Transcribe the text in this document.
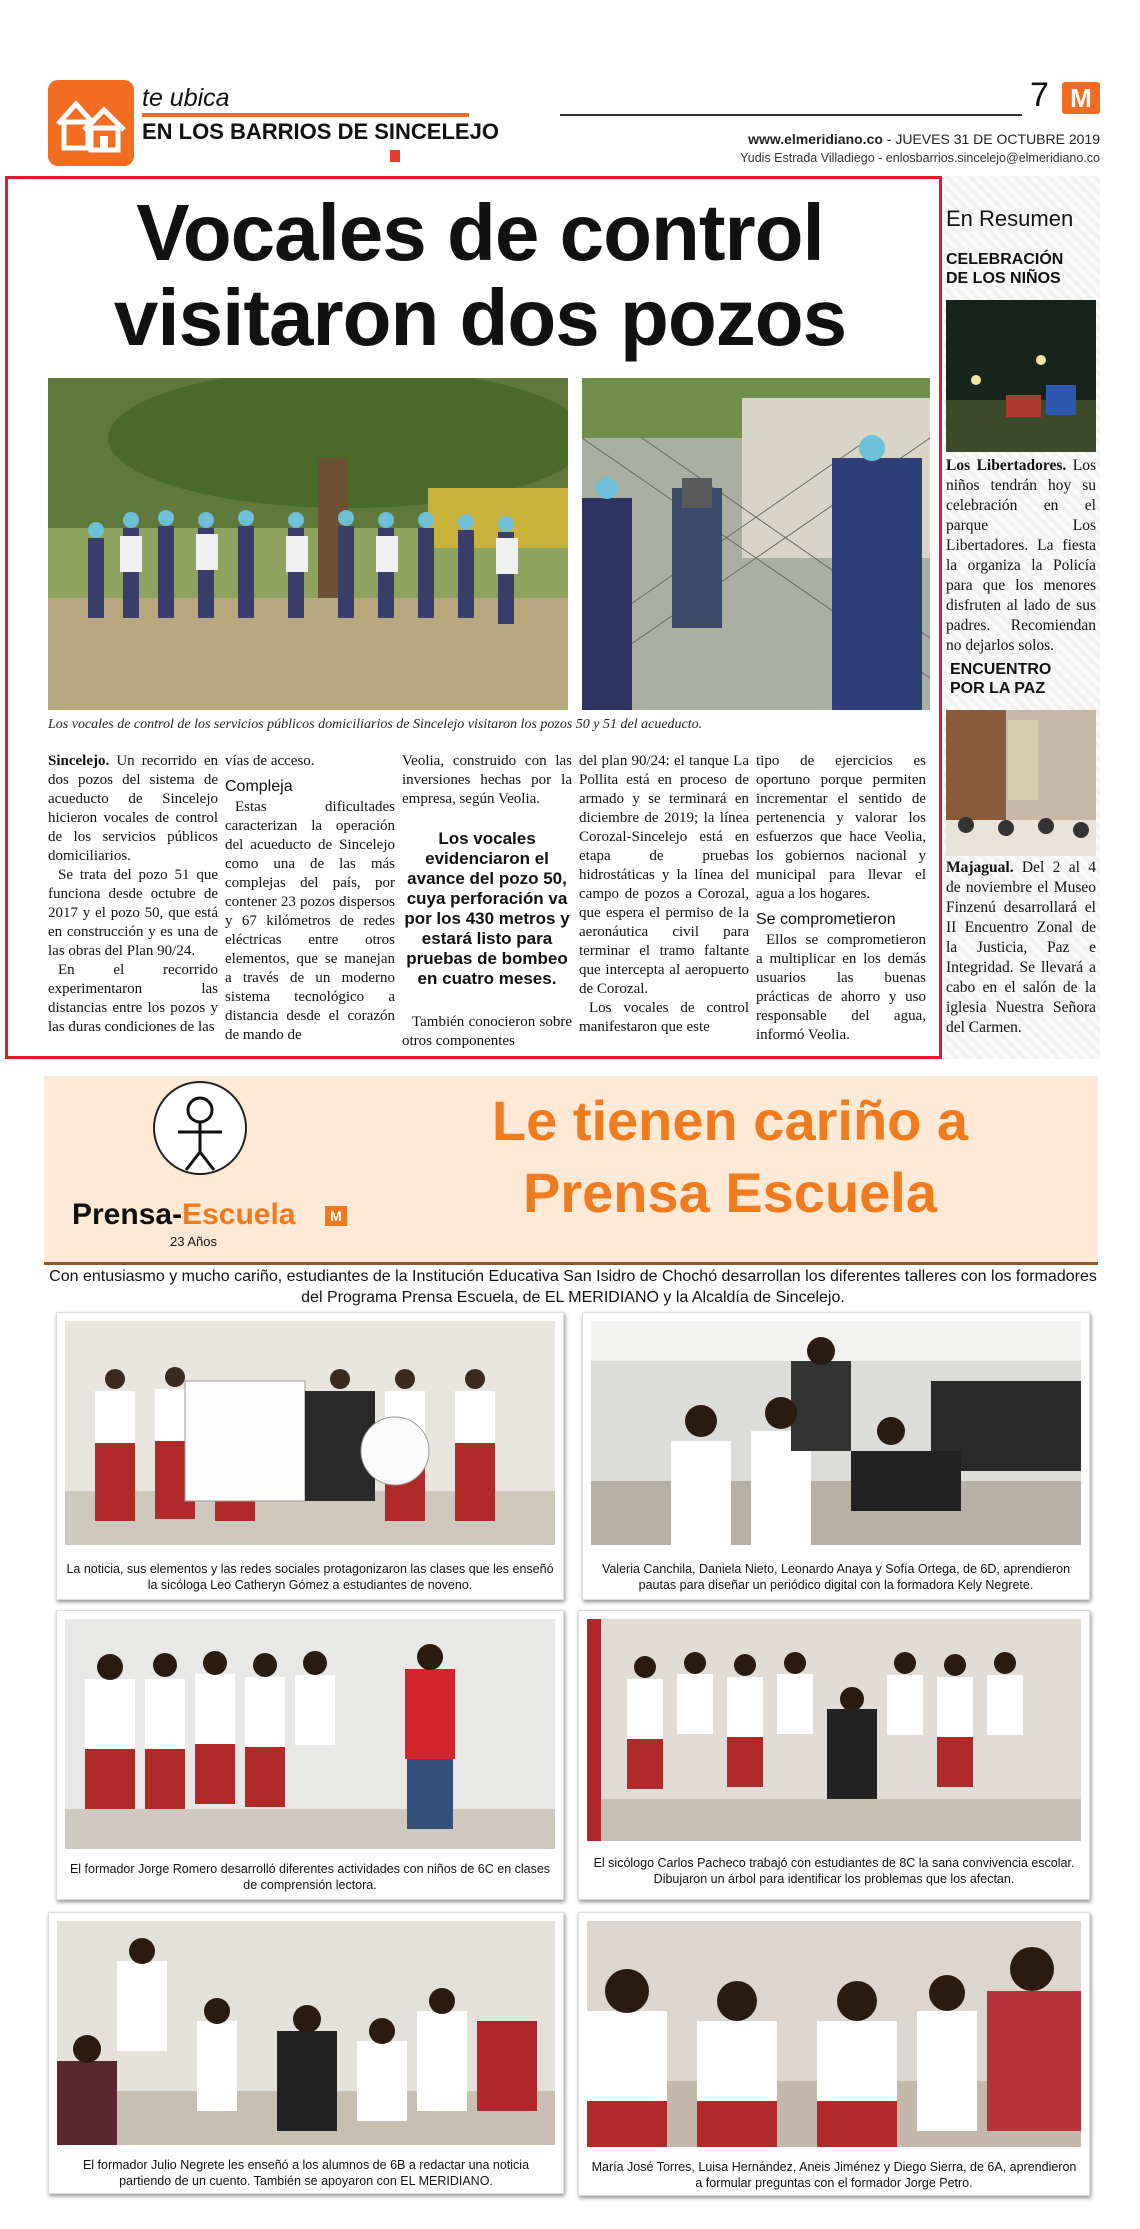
te ubica
EN LOS BARRIOS DE SINCELEJO
7 M
www.elmeridiano.co - JUEVES 31 DE OCTUBRE 2019
Yudis Estrada Villadiego - enlosbarrios.sincelejo@elmeridiano.co
Vocales de control
visitaron dos pozos
Los vocales de control de los servicios públicos domiciliarios de Sincelejo visitaron los pozos 50 y 51 del acueducto.

Sincelejo. Un recorrido en dos pozos del sistema de acueducto de Sincelejo hicieron vocales de control de los servicios públicos domiciliarios.

Se trata del pozo 51 que funciona desde octubre de 2017 y el pozo 50, que está en construcción y es una de las obras del Plan 90/24.

En el recorrido experimentaron las distancias entre los pozos y las duras condiciones de las

vías de acceso.

Compleja

Estas dificultades caracterizan la operación del acueducto de Sincelejo como una de las más complejas del país, por contener 23 pozos dispersos y 67 kilómetros de redes eléctricas entre otros elementos, que se manejan a través de un moderno sistema tecnológico a distancia desde el corazón de mando de

Veolia, construido con las inversiones hechas por la empresa, según Veolia.

Los vocales evidenciaron el avance del pozo 50, cuya perforación va por los 430 metros y estará listo para pruebas de bombeo en cuatro meses.

También conocieron sobre otros componentes

del plan 90/24: el tanque La Pollita está en proceso de armado y se terminará en diciembre de 2019; la línea Corozal-Sincelejo está en etapa de pruebas hidrostáticas y la línea del campo de pozos a Corozal, que espera el permiso de la aeronáutica civil para terminar el tramo faltante que intercepta al aeropuerto de Corozal.

Los vocales de control manifestaron que este

tipo de ejercicios es oportuno porque permiten incrementar el sentido de pertenencia y valorar los esfuerzos que hace Veolia, los gobiernos nacional y municipal para llevar el agua a los hogares.

Se comprometieron

Ellos se comprometieron a multiplicar en los demás usuarios las buenas prácticas de ahorro y uso responsable del agua, informó Veolia.

En Resumen
CELEBRACIÓN DE LOS NIÑOS
Los Libertadores. Los niños tendrán hoy su celebración en el parque Los Libertadores. La fiesta la organiza la Policía para que los menores disfruten al lado de sus padres. Recomiendan no dejarlos solos.
ENCUENTRO POR LA PAZ
Majagual. Del 2 al 4 de noviembre el Museo Finzenú desarrollará el II Encuentro Zonal de la Justicia, Paz e Integridad. Se llevará a cabo en el salón de la iglesia Nuestra Señora del Carmen.
Prensa-Escuela	M
23 Años
Le tienen cariño a
Prensa Escuela
Con entusiasmo y mucho cariño, estudiantes de la Institución Educativa San Isidro de Chochó desarrollan los diferentes talleres con los formadores del Programa Prensa Escuela, de EL MERIDIANO y la Alcaldía de Sincelejo.
La noticia, sus elementos y las redes sociales protagonizaron las clases que les enseñó la sicóloga Leo Catheryn Gómez a estudiantes de noveno.
Valeria Canchila, Daniela Nieto, Leonardo Anaya y Sofía Ortega, de 6D, aprendieron pautas para diseñar un periódico digital con la formadora Kely Negrete.
El formador Jorge Romero desarrolló diferentes actividades con niños de 6C en clases de comprensión lectora.
El sicólogo Carlos Pacheco trabajó con estudiantes de 8C la sana convivencia escolar. Dibujaron un árbol para identificar los problemas que los afectan.
El formador Julio Negrete les enseñó a los alumnos de 6B a redactar una noticia partiendo de un cuento. También se apoyaron con EL MERIDIANO.
María José Torres, Luisa Hernández, Aneis Jiménez y Diego Sierra, de 6A, aprendieron a formular preguntas con el formador Jorge Petro.
